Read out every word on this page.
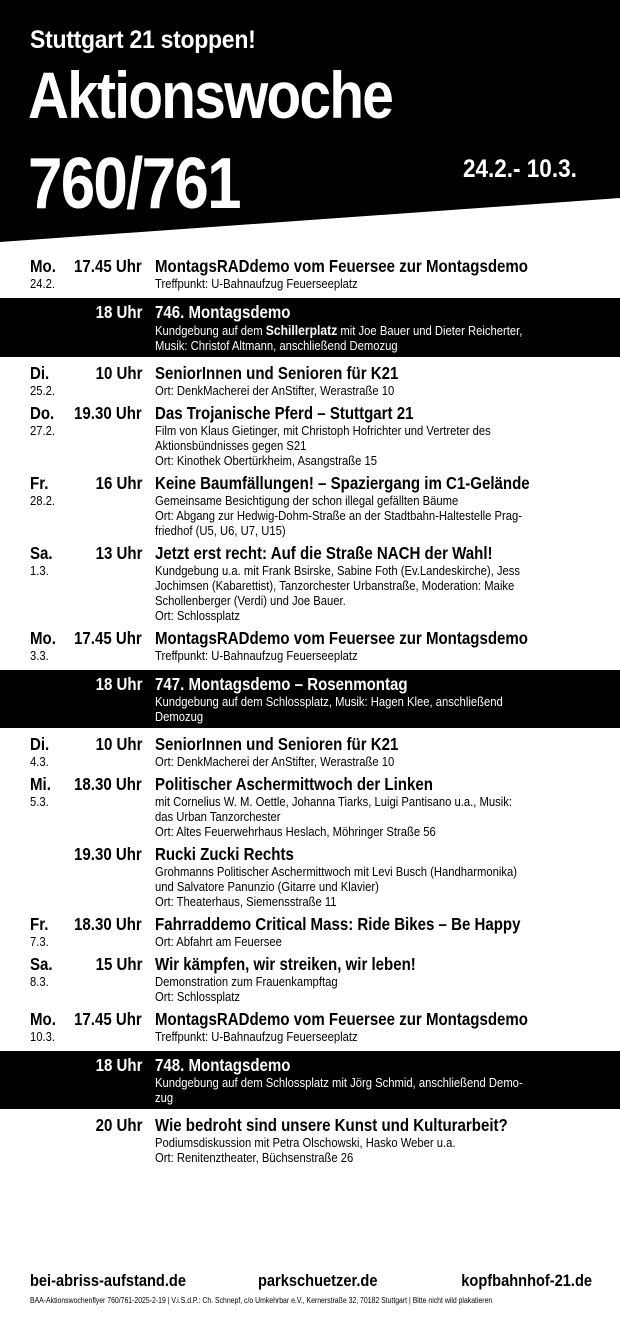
Stuttgart 21 stoppen!
Aktionswoche
760/761	24.2.- 10.3.
Mo. 17.45 Uhr
24.2.
MontagsRADdemo vom Feuersee zur Montagsdemo
Treffpunkt: U-Bahnaufzug Feuerseeplatz
18 Uhr 746. Montagsdemo
Kundgebung auf dem Schillerplatz mit Joe Bauer und Dieter Reicherter,
Musik: Christof Altmann, anschließend Demozug
Di.	10 Uhr
25.2.
SeniorInnen und Senioren für K21
Ort: DenkMacherei der AnStifter, Werastraße 10
Do. 19.30 Uhr
27.2.
Das Trojanische Pferd – Stuttgart 21
Film von Klaus Gietinger, mit Christoph Hofrichter und Vertreter des
Aktionsbündnisses gegen S21
Ort: Kinothek Obertürkheim, Asangstraße 15
Fr.	16 Uhr
28.2.
Keine Baumfällungen! – Spaziergang im C1-Gelände
Gemeinsame Besichtigung der schon illegal gefällten Bäume
Ort: Abgang zur Hedwig-Dohm-Straße an der Stadtbahn-Haltestelle Prag-
friedhof (U5, U6, U7, U15)
Sa. 13 Uhr
1.3.
Jetzt erst recht: Auf die Straße NACH der Wahl!
Kundgebung u.a. mit Frank Bsirske, Sabine Foth (Ev.Landeskirche), Jess
Jochimsen (Kabarettist), Tanzorchester Urbanstraße, Moderation: Maike
Schollenberger (Verdi) und Joe Bauer.
Ort: Schlossplatz
Mo. 17.45 Uhr
3.3.
MontagsRADdemo vom Feuersee zur Montagsdemo
Treffpunkt: U-Bahnaufzug Feuerseeplatz
18 Uhr 747. Montagsdemo – Rosenmontag
Kundgebung auf dem Schlossplatz, Musik: Hagen Klee, anschließend
Demozug
Di.	10 Uhr
4.3.
SeniorInnen und Senioren für K21
Ort: DenkMacherei der AnStifter, Werastraße 10
Mi. 18.30 Uhr
5.3.
Politischer Aschermittwoch der Linken
mit Cornelius W. M. Oettle, Johanna Tiarks, Luigi Pantisano u.a., Musik:
das Urban Tanzorchester
Ort: Altes Feuerwehrhaus Heslach, Möhringer Straße 56
19.30 Uhr Rucki Zucki Rechts
Grohmanns Politischer Aschermittwoch mit Levi Busch (Handharmonika)
und Salvatore Panunzio (Gitarre und Klavier)
Ort: Theaterhaus, Siemensstraße 11
Fr. 18.30 Uhr
7.3.
Fahrraddemo Critical Mass: Ride Bikes – Be Happy
Ort: Abfahrt am Feuersee
Sa. 15 Uhr
8.3.
Wir kämpfen, wir streiken, wir leben!
Demonstration zum Frauenkampftag
Ort: Schlossplatz
Mo. 17.45 Uhr
10.3.
MontagsRADdemo vom Feuersee zur Montagsdemo
Treffpunkt: U-Bahnaufzug Feuerseeplatz
18 Uhr 748. Montagsdemo
Kundgebung auf dem Schlossplatz mit Jörg Schmid, anschließend Demo-
zug
20 Uhr Wie bedroht sind unsere Kunst und Kulturarbeit?
Podiumsdiskussion mit Petra Olschowski, Hasko Weber u.a.
Ort: Renitenztheater, Büchsenstraße 26
bei-abriss-aufstand.de	parkschuetzer.de	kopfbahnhof-21.de
BAA-Aktionswochenflyer 760/761-2025-2-19 | V.i.S.d.P.: Ch. Schnepf, c/o Umkehrbar e.V., Kernerstraße 32, 70182 Stuttgart | Bitte nicht wild plakatieren
